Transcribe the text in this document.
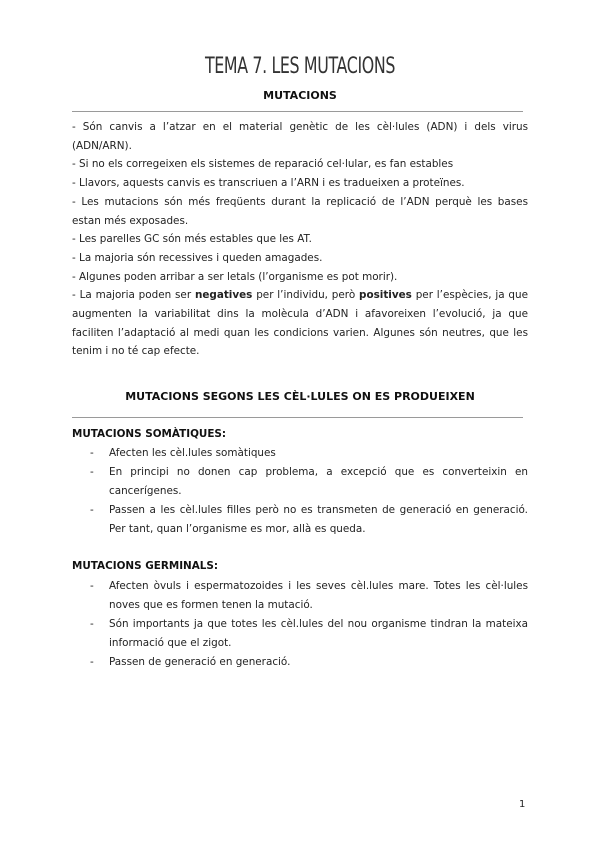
TEMA 7. LES MUTACIONS
MUTACIONS

- Són canvis a l’atzar en el material genètic de les cèl·lules (ADN) i dels virus (ADN/ARN).

- Si no els corregeixen els sistemes de reparació cel·lular, es fan estables

- Llavors, aquests canvis es transcriuen a l’ARN i es tradueixen a proteïnes.

- Les mutacions són més freqüents durant la replicació de l’ADN perquè les bases estan més exposades.

- Les parelles GC són més estables que les AT.

- La majoria són recessives i queden amagades.

- Algunes poden arribar a ser letals (l’organisme es pot morir).

- La majoria poden ser negatives per l’individu, però positives per l’espècies, ja que augmenten la variabilitat dins la molècula d’ADN i afavoreixen l’evolució, ja que faciliten l’adaptació al medi quan les condicions varien. Algunes són neutres, que les tenim i no té cap efecte.

MUTACIONS SEGONS LES CÈL·LULES ON ES PRODUEIXEN
MUTACIONS SOMÀTIQUES:
- Afecten les cèl.lules somàtiques
- En principi no donen cap problema, a excepció que es converteixin en cancerígenes.
- Passen a les cèl.lules filles però no es transmeten de generació en generació. Per tant, quan l’organisme es mor, allà es queda.
MUTACIONS GERMINALS:
- Afecten òvuls i espermatozoides i les seves cèl.lules mare. Totes les cèl·lules noves que es formen tenen la mutació.
- Són importants ja que totes les cèl.lules del nou organisme tindran la mateixa informació que el zigot.
- Passen de generació en generació.
1
